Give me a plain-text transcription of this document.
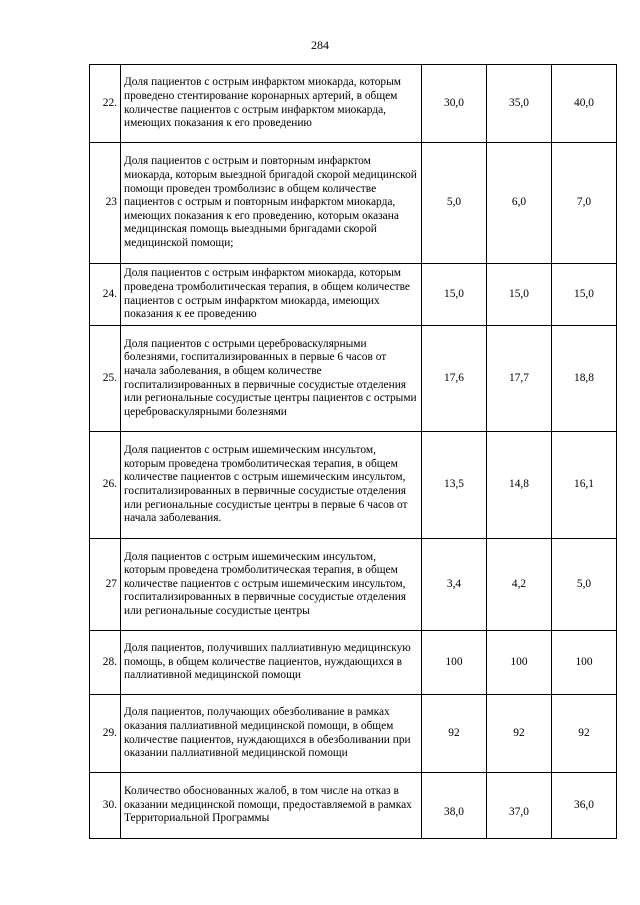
284
22.	Доля пациентов с острым инфарктом миокарда, которым проведено стентирование коронарных артерий, в общем количестве пациентов с острым инфарктом миокарда, имеющих показания к его проведению	30,0	35,0	40,0
23	Доля пациентов с острым и повторным инфарктом миокарда, которым выездной бригадой скорой медицинской помощи проведен тромболизис в общем количестве пациентов с острым и повторным инфарктом миокарда, имеющих показания к его проведению, которым оказана медицинская помощь выездными бригадами скорой медицинской помощи;	5,0	6,0	7,0
24.	Доля пациентов с острым инфарктом миокарда, которым проведена тромболитическая терапия, в общем количестве пациентов с острым инфарктом миокарда, имеющих показания к ее проведению	15,0	15,0	15,0
25.	Доля пациентов с острыми цереброваскулярными болезнями, госпитализированных в первые 6 часов от начала заболевания, в общем количестве госпитализированных в первичные сосудистые отделения или региональные сосудистые центры пациентов с острыми цереброваскулярными болезнями	17,6	17,7	18,8
26.	Доля пациентов с острым ишемическим инсультом, которым проведена тромболитическая терапия, в общем количестве пациентов с острым ишемическим инсультом, госпитализированных в первичные сосудистые отделения или региональные сосудистые центры в первые 6 часов от начала заболевания.	13,5	14,8	16,1
27	Доля пациентов с острым ишемическим инсультом, которым проведена тромболитическая терапия, в общем количестве пациентов с острым ишемическим инсультом, госпитализированных в первичные сосудистые отделения или региональные сосудистые центры	3,4	4,2	5,0
28.	Доля пациентов, получивших паллиативную медицинскую помощь, в общем количестве пациентов, нуждающихся в паллиативной медицинской помощи	100	100	100
29.	Доля пациентов, получающих обезболивание в рамках оказания паллиативной медицинской помощи, в общем количестве пациентов, нуждающихся в обезболивании при оказании паллиативной медицинской помощи	92	92	92
30.	Количество обоснованных жалоб, в том числе на отказ в оказании медицинской помощи, предоставляемой в рамках Территориальной Программы	38,0	37,0	36,0
